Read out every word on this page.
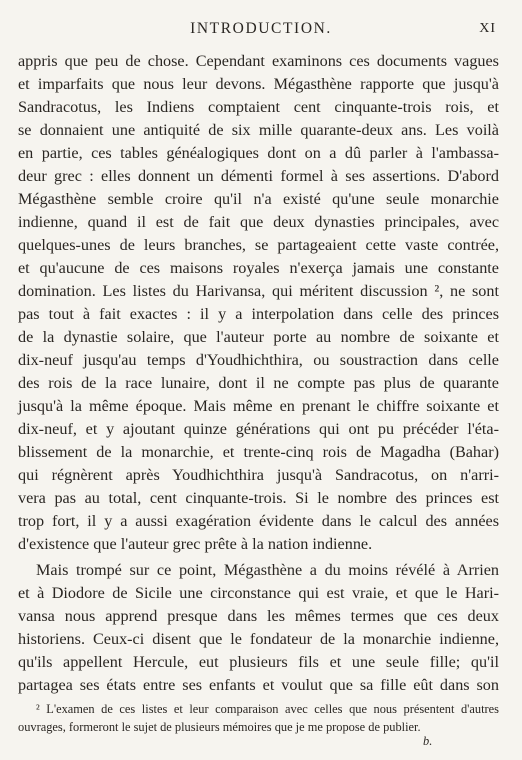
INTRODUCTION.	XI
appris que peu de chose. Cependant examinons ces documents vagues
et imparfaits que nous leur devons. Mégasthène rapporte que jusqu'à
Sandracotus, les Indiens comptaient cent cinquante-trois rois, et
se donnaient une antiquité de six mille quarante-deux ans. Les voilà
en partie, ces tables généalogiques dont on a dû parler à l'ambassa-
deur grec : elles donnent un démenti formel à ses assertions. D'abord
Mégasthène semble croire qu'il n'a existé qu'une seule monarchie
indienne, quand il est de fait que deux dynasties principales, avec
quelques-unes de leurs branches, se partageaient cette vaste contrée,
et qu'aucune de ces maisons royales n'exerça jamais une constante
domination. Les listes du Harivansa, qui méritent discussion ², ne sont
pas tout à fait exactes : il y a interpolation dans celle des princes
de la dynastie solaire, que l'auteur porte au nombre de soixante et
dix-neuf jusqu'au temps d'Youdhichthira, ou soustraction dans celle
des rois de la race lunaire, dont il ne compte pas plus de quarante
jusqu'à la même époque. Mais même en prenant le chiffre soixante et
dix-neuf, et y ajoutant quinze générations qui ont pu précéder l'éta-
blissement de la monarchie, et trente-cinq rois de Magadha (Bahar)
qui régnèrent après Youdhichthira jusqu'à Sandracotus, on n'arri-
vera pas au total, cent cinquante-trois. Si le nombre des princes est
trop fort, il y a aussi exagération évidente dans le calcul des années
d'existence que l'auteur grec prête à la nation indienne.
Mais trompé sur ce point, Mégasthène a du moins révélé à Arrien
et à Diodore de Sicile une circonstance qui est vraie, et que le Hari-
vansa nous apprend presque dans les mêmes termes que ces deux
historiens. Ceux-ci disent que le fondateur de la monarchie indienne,
qu'ils appellent Hercule, eut plusieurs fils et une seule fille; qu'il
partagea ses états entre ses enfants et voulut que sa fille eût dans son
² L'examen de ces listes et leur comparaison avec celles que nous présentent d'autres
ouvrages, formeront le sujet de plusieurs mémoires que je me propose de publier.
b.
